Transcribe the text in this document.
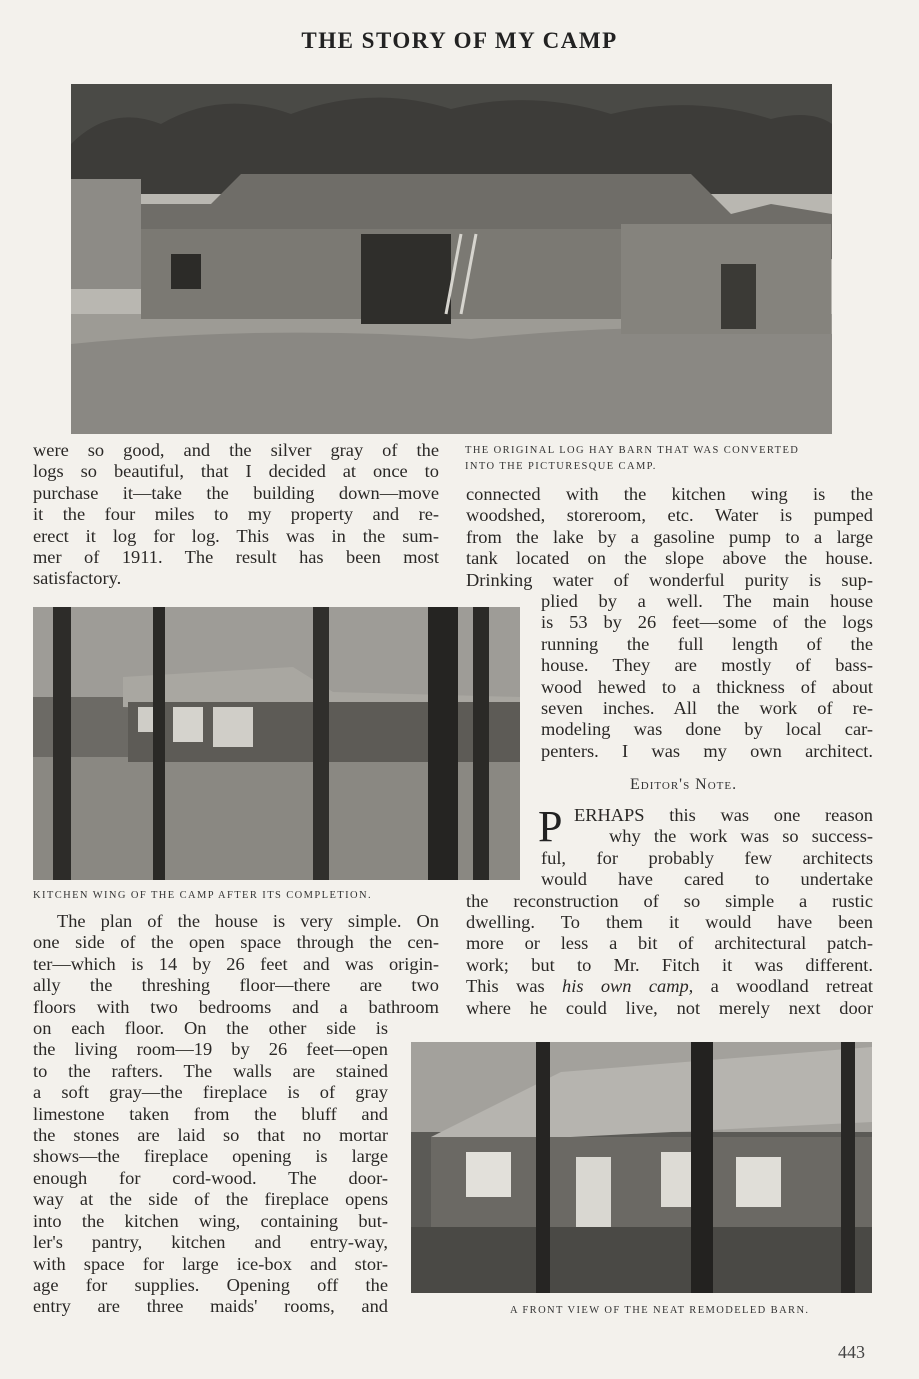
THE STORY OF MY CAMP
THE ORIGINAL LOG HAY BARN THAT WAS CONVERTED
INTO THE PICTURESQUE CAMP.
were so good, and the silver gray of the
logs so beautiful, that I decided at once to
purchase it—take the building down—move
it the four miles to my property and re-
erect it log for log. This was in the sum-
mer of 1911. The result has been most
satisfactory.
KITCHEN WING OF THE CAMP AFTER ITS COMPLETION.
The plan of the house is very simple. On
one side of the open space through the cen-
ter—which is 14 by 26 feet and was origin-
ally the threshing floor—there are two
floors with two bedrooms and a bathroom
on each floor. On the other side is
the living room—19 by 26 feet—open
to the rafters. The walls are stained
a soft gray—the fireplace is of gray
limestone taken from the bluff and
the stones are laid so that no mortar
shows—the fireplace opening is large
enough for cord-wood. The door-
way at the side of the fireplace opens
into the kitchen wing, containing but-
ler's pantry, kitchen and entry-way,
with space for large ice-box and stor-
age for supplies. Opening off the
entry are three maids' rooms, and
connected with the kitchen wing is the
woodshed, storeroom, etc. Water is pumped
from the lake by a gasoline pump to a large
tank located on the slope above the house.
Drinking water of wonderful purity is sup-
plied by a well. The main house
is 53 by 26 feet—some of the logs
running the full length of the
house. They are mostly of bass-
wood hewed to a thickness of about
seven inches. All the work of re-
modeling was done by local car-
penters. I was my own architect.
Editor's Note.
P ERHAPS this was one reason
why the work was so success-
ful, for probably few architects
would have cared to undertake
the reconstruction of so simple a rustic
dwelling. To them it would have been
more or less a bit of architectural patch-
work; but to Mr. Fitch it was different.
This was his own camp, a woodland retreat
where he could live, not merely next door
A FRONT VIEW OF THE NEAT REMODELED BARN.
443
